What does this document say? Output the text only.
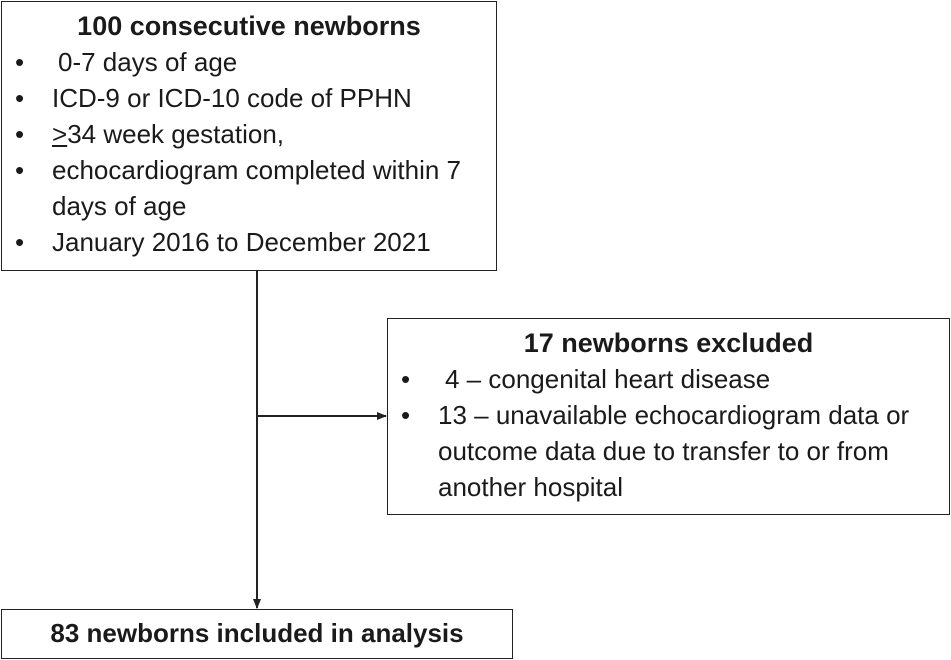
100 consecutive newborns
• 0-7 days of age
• ICD-9 or ICD-10 code of PPHN
• >34 week gestation,
• echocardiogram completed within 7 days of age
• January 2016 to December 2021
17 newborns excluded
• 4 – congenital heart disease
• 13 – unavailable echocardiogram data or outcome data due to transfer to or from another hospital
83 newborns included in analysis
